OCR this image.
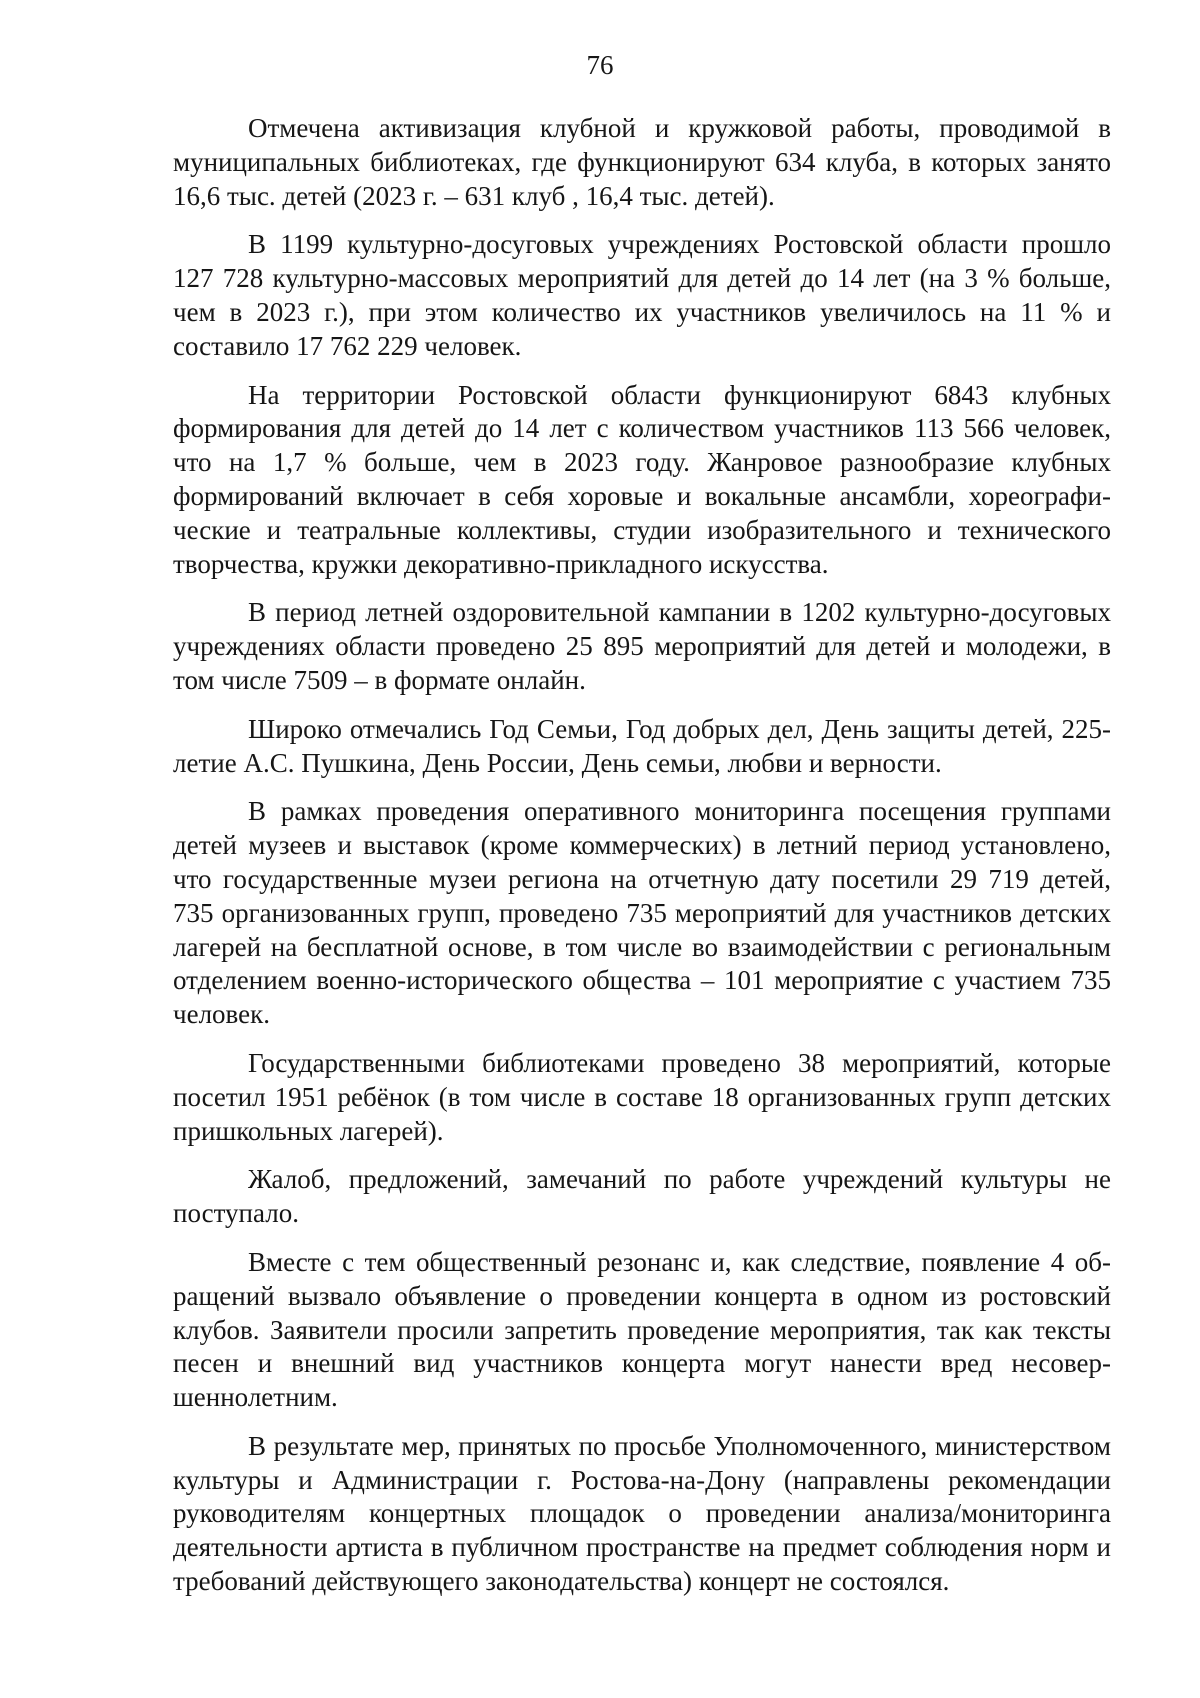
76

Отмечена активизация клубной и кружковой работы, проводимой в муниципальных библиотеках, где функционируют 634 клуба, в которых занято 16,6 тыс. детей (2023 г. – 631 клуб , 16,4 тыс. детей).

В 1199 культурно-досуговых учреждениях Ростовской области прошло 127 728 культурно-массовых мероприятий для детей до 14 лет (на 3 % больше, чем в 2023 г.), при этом количество их участников увеличилось на 11 % и составило 17 762 229 человек.

На территории Ростовской области функционируют 6843 клубных формирования для детей до 14 лет с количеством участников 113 566 человек, что на 1,7 % больше, чем в 2023 году. Жанровое разнообразие клубных формирований включает в себя хоровые и вокальные ансамбли, хореографические и театральные коллективы, студии изобразительного и технического творчества, кружки декоративно-прикладного искусства.

В период летней оздоровительной кампании в 1202 культурно-досуговых учреждениях области проведено 25 895 мероприятий для детей и молодежи, в том числе 7509 – в формате онлайн.

Широко отмечались Год Семьи, Год добрых дел, День защиты детей, 225-летие А.С. Пушкина, День России, День семьи, любви и верности.

В рамках проведения оперативного мониторинга посещения группами детей музеев и выставок (кроме коммерческих) в летний период установлено, что государственные музеи региона на отчетную дату посетили 29 719 детей, 735 организованных групп, проведено 735 мероприятий для участников детских лагерей на бесплатной основе, в том числе во взаимодействии с региональным отделением военно-исторического общества – 101 мероприятие с участием 735 человек.

Государственными библиотеками проведено 38 мероприятий, которые посетил 1951 ребёнок (в том числе в составе 18 организованных групп детских пришкольных лагерей).

Жалоб, предложений, замечаний по работе учреждений культуры не поступало.

Вместе с тем общественный резонанс и, как следствие, появление 4 обращений вызвало объявление о проведении концерта в одном из ростовский клубов. Заявители просили запретить проведение мероприятия, так как тексты песен и внешний вид участников концерта могут нанести вред несовершеннолетним.

В результате мер, принятых по просьбе Уполномоченного, министерством культуры и Администрации г. Ростова-на-Дону (направлены рекомендации руководителям концертных площадок о проведении анализа/мониторинга деятельности артиста в публичном пространстве на предмет соблюдения норм и требований действующего законодательства) концерт не состоялся.
